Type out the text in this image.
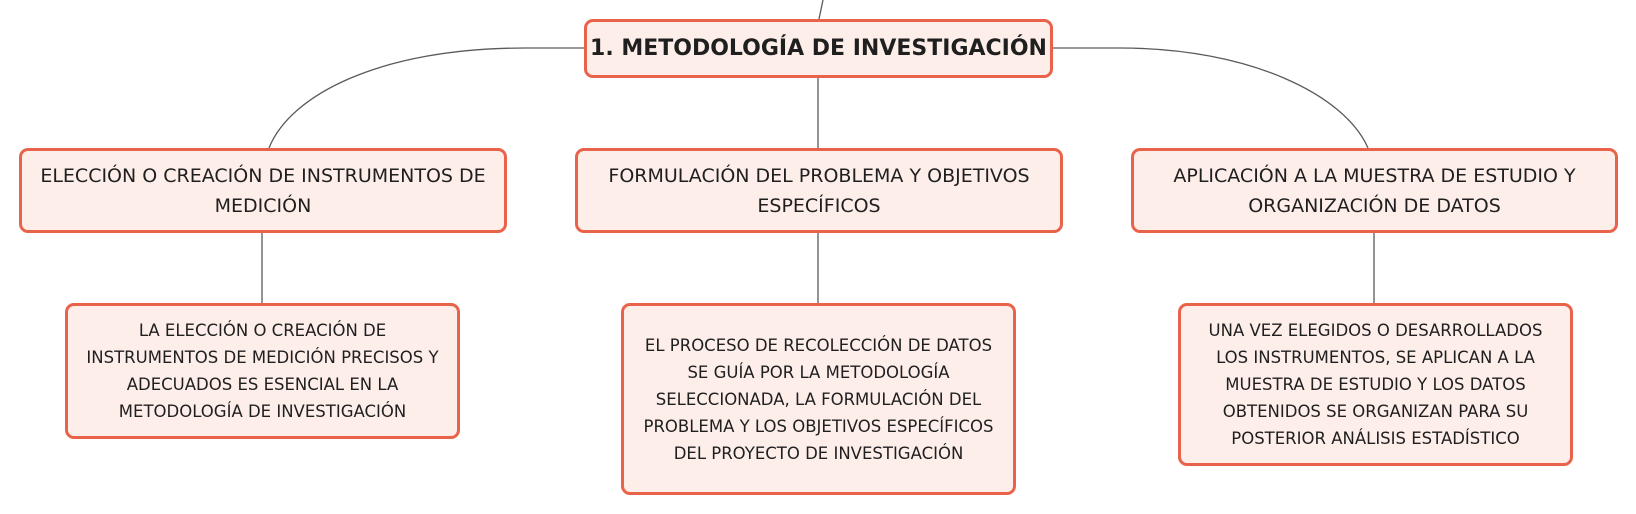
1. METODOLOGÍA DE INVESTIGACIÓN
ELECCIÓN O CREACIÓN DE INSTRUMENTOS DE MEDICIÓN
FORMULACIÓN DEL PROBLEMA Y OBJETIVOS ESPECÍFICOS
APLICACIÓN A LA MUESTRA DE ESTUDIO Y ORGANIZACIÓN DE DATOS
LA ELECCIÓN O CREACIÓN DE INSTRUMENTOS DE MEDICIÓN PRECISOS Y ADECUADOS ES ESENCIAL EN LA METODOLOGÍA DE INVESTIGACIÓN
EL PROCESO DE RECOLECCIÓN DE DATOS SE GUÍA POR LA METODOLOGÍA SELECCIONADA, LA FORMULACIÓN DEL PROBLEMA Y LOS OBJETIVOS ESPECÍFICOS DEL PROYECTO DE INVESTIGACIÓN
UNA VEZ ELEGIDOS O DESARROLLADOS LOS INSTRUMENTOS, SE APLICAN A LA MUESTRA DE ESTUDIO Y LOS DATOS OBTENIDOS SE ORGANIZAN PARA SU POSTERIOR ANÁLISIS ESTADÍSTICO
